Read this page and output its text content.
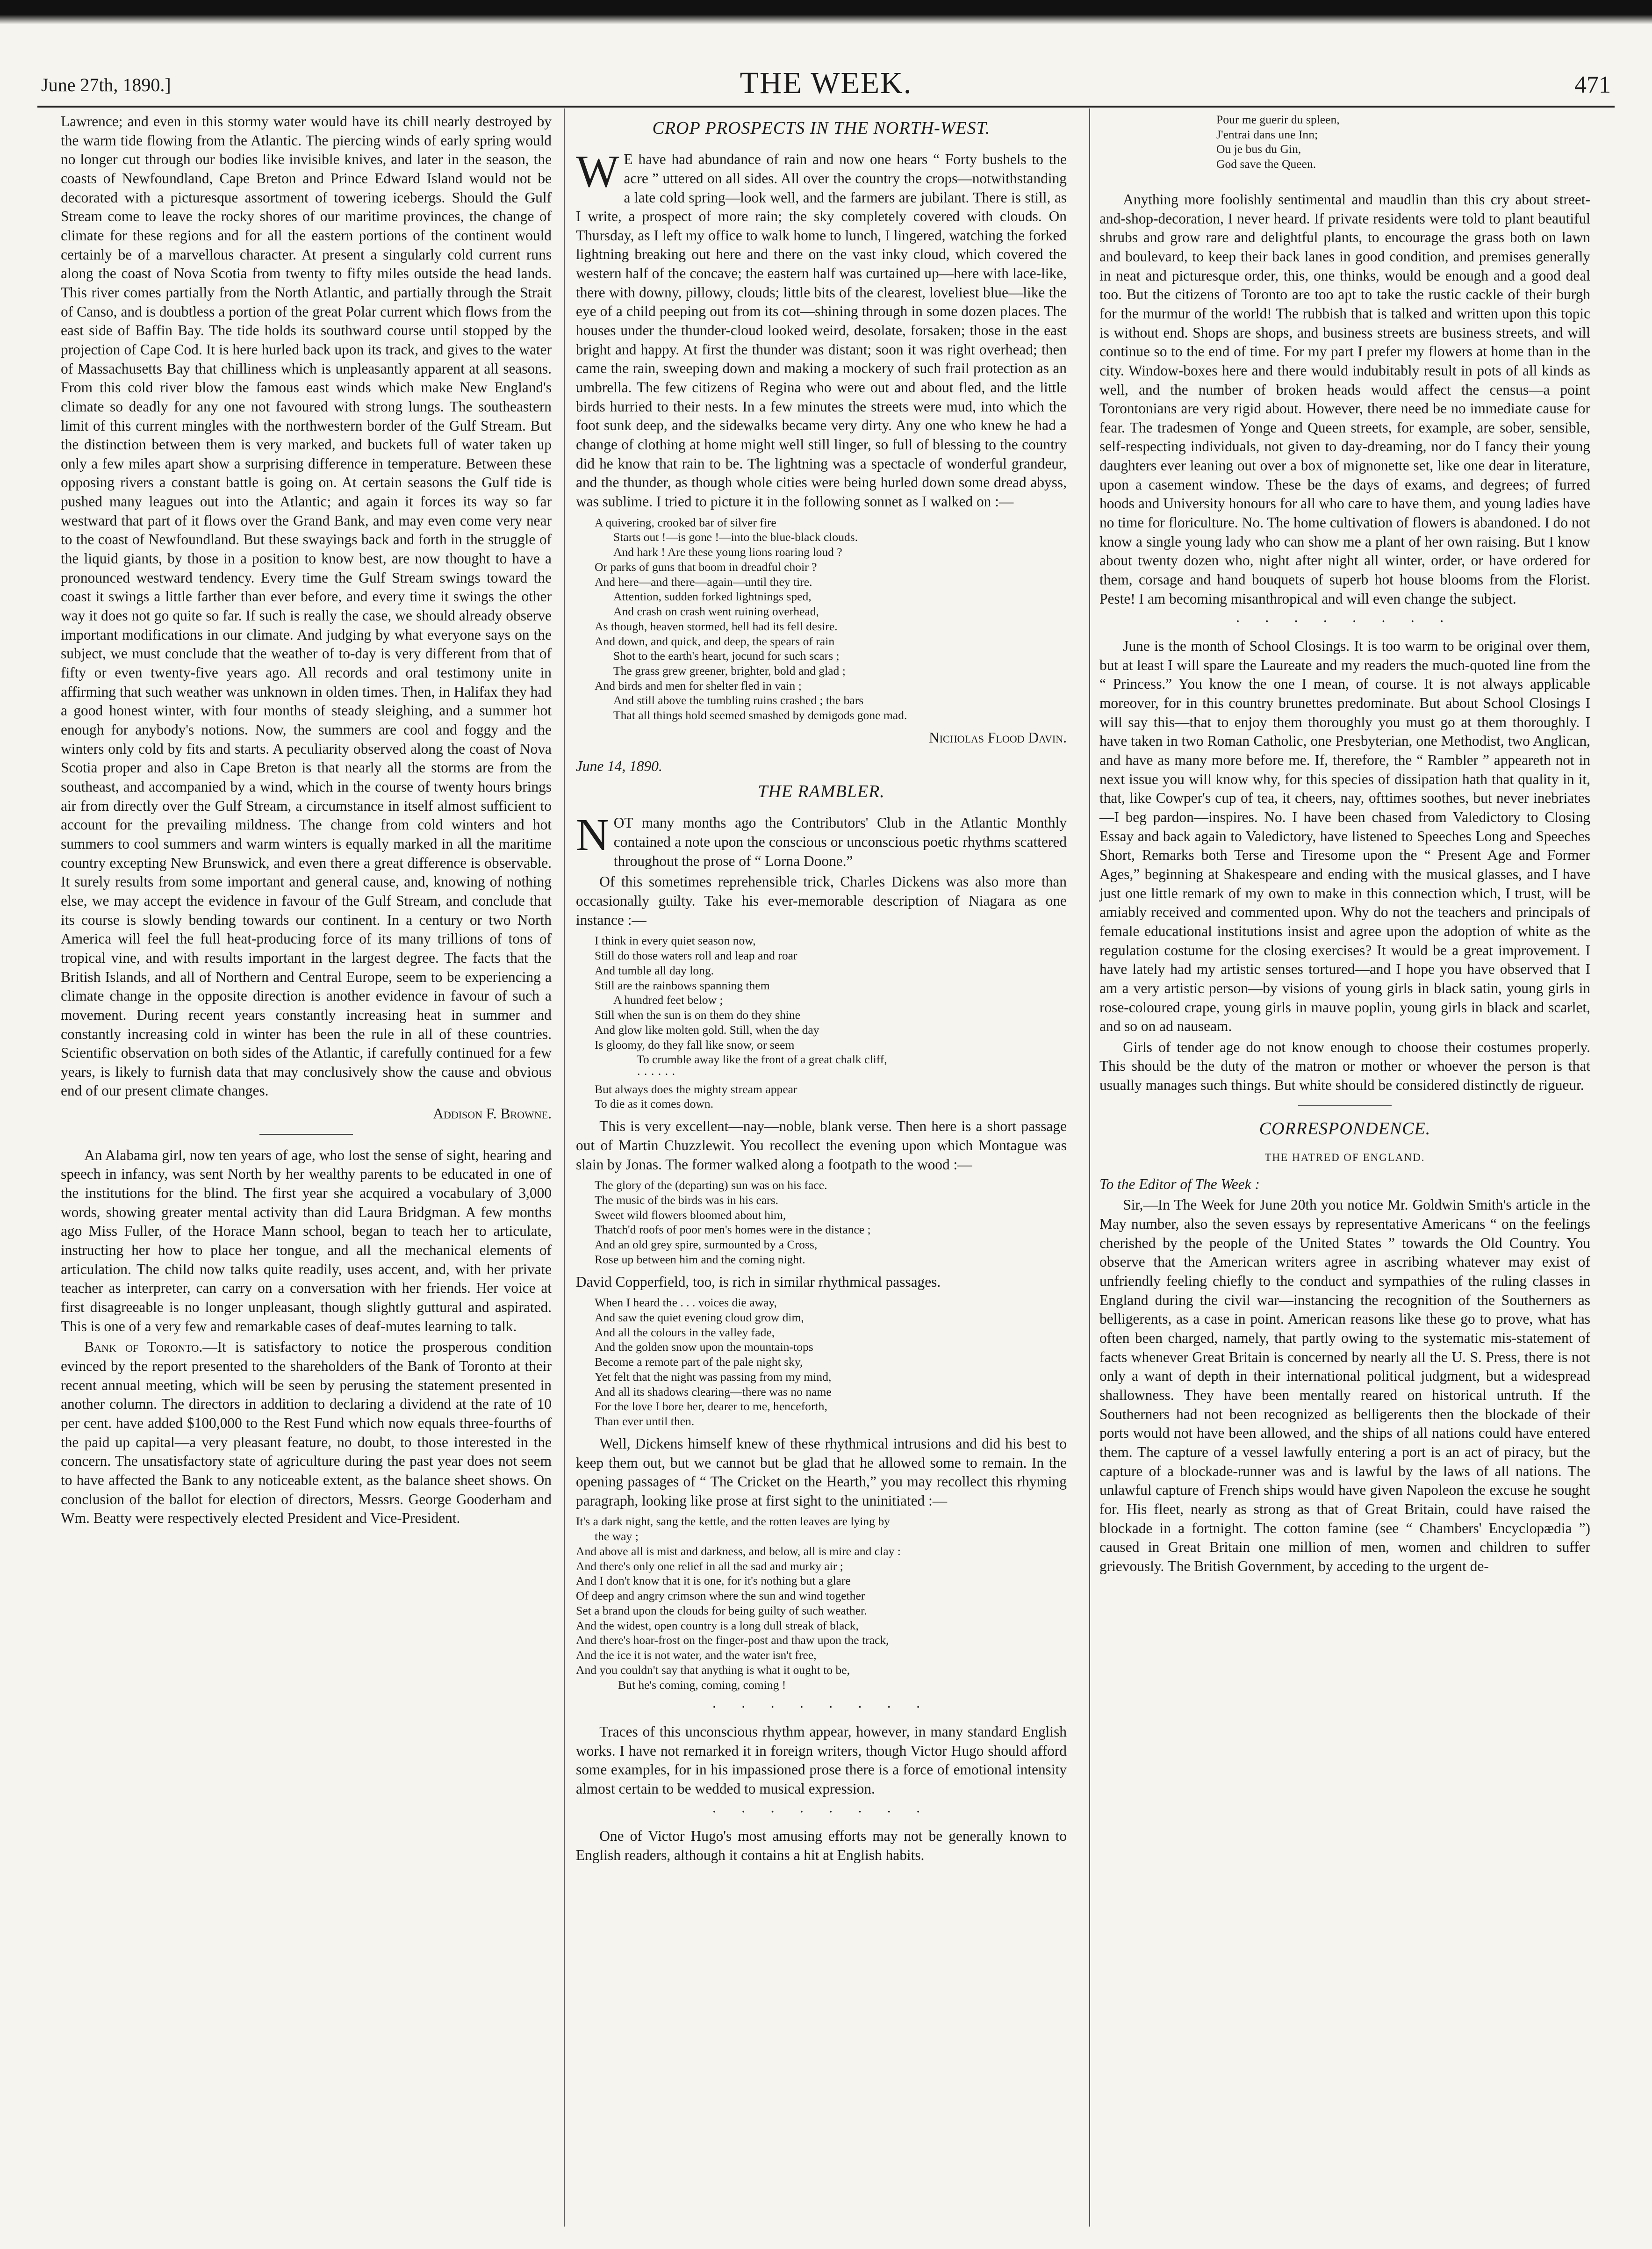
June 27th, 1890.]	THE WEEK.	471

Lawrence; and even in this stormy water would have its chill nearly destroyed by the warm tide flowing from the Atlantic. The piercing winds of early spring would no longer cut through our bodies like invisible knives, and later in the season, the coasts of Newfoundland, Cape Breton and Prince Edward Island would not be decorated with a picturesque assortment of towering icebergs. Should the Gulf Stream come to leave the rocky shores of our maritime provinces, the change of climate for these regions and for all the eastern portions of the continent would certainly be of a marvellous character. At present a singularly cold current runs along the coast of Nova Scotia from twenty to fifty miles outside the head lands. This river comes partially from the North Atlantic, and partially through the Strait of Canso, and is doubtless a portion of the great Polar current which flows from the east side of Baffin Bay. The tide holds its southward course until stopped by the projection of Cape Cod. It is here hurled back upon its track, and gives to the water of Massachusetts Bay that chilliness which is unpleasantly apparent at all seasons. From this cold river blow the famous east winds which make New England's climate so deadly for any one not favoured with strong lungs. The southeastern limit of this current mingles with the northwestern border of the Gulf Stream. But the distinction between them is very marked, and buckets full of water taken up only a few miles apart show a surprising difference in temperature. Between these opposing rivers a constant battle is going on. At certain seasons the Gulf tide is pushed many leagues out into the Atlantic; and again it forces its way so far westward that part of it flows over the Grand Bank, and may even come very near to the coast of Newfoundland. But these swayings back and forth in the struggle of the liquid giants, by those in a position to know best, are now thought to have a pronounced westward tendency. Every time the Gulf Stream swings toward the coast it swings a little farther than ever before, and every time it swings the other way it does not go quite so far. If such is really the case, we should already observe important modifications in our climate. And judging by what everyone says on the subject, we must conclude that the weather of to-day is very different from that of fifty or even twenty-five years ago. All records and oral testimony unite in affirming that such weather was unknown in olden times. Then, in Halifax they had a good honest winter, with four months of steady sleighing, and a summer hot enough for anybody's notions. Now, the summers are cool and foggy and the winters only cold by fits and starts. A peculiarity observed along the coast of Nova Scotia proper and also in Cape Breton is that nearly all the storms are from the southeast, and accompanied by a wind, which in the course of twenty hours brings air from directly over the Gulf Stream, a circumstance in itself almost sufficient to account for the prevailing mildness. The change from cold winters and hot summers to cool summers and warm winters is equally marked in all the maritime country excepting New Brunswick, and even there a great difference is observable. It surely results from some important and general cause, and, knowing of nothing else, we may accept the evidence in favour of the Gulf Stream, and conclude that its course is slowly bending towards our continent. In a century or two North America will feel the full heat-producing force of its many trillions of tons of tropical vine, and with results important in the largest degree. The facts that the British Islands, and all of Northern and Central Europe, seem to be experiencing a climate change in the opposite direction is another evidence in favour of such a movement. During recent years constantly increasing heat in summer and constantly increasing cold in winter has been the rule in all of these countries. Scientific observation on both sides of the Atlantic, if carefully continued for a few years, is likely to furnish data that may conclusively show the cause and obvious end of our present climate changes.

Addison F. Browne.

An Alabama girl, now ten years of age, who lost the sense of sight, hearing and speech in infancy, was sent North by her wealthy parents to be educated in one of the institutions for the blind. The first year she acquired a vocabulary of 3,000 words, showing greater mental activity than did Laura Bridgman. A few months ago Miss Fuller, of the Horace Mann school, began to teach her to articulate, instructing her how to place her tongue, and all the mechanical elements of articulation. The child now talks quite readily, uses accent, and, with her private teacher as interpreter, can carry on a conversation with her friends. Her voice at first disagreeable is no longer unpleasant, though slightly guttural and aspirated. This is one of a very few and remarkable cases of deaf-mutes learning to talk.

Bank of Toronto.—It is satisfactory to notice the prosperous condition evinced by the report presented to the shareholders of the Bank of Toronto at their recent annual meeting, which will be seen by perusing the statement presented in another column. The directors in addition to declaring a dividend at the rate of 10 per cent. have added $100,000 to the Rest Fund which now equals three-fourths of the paid up capital—a very pleasant feature, no doubt, to those interested in the concern. The unsatisfactory state of agriculture during the past year does not seem to have affected the Bank to any noticeable extent, as the balance sheet shows. On conclusion of the ballot for election of directors, Messrs. George Gooderham and Wm. Beatty were respectively elected President and Vice-President.

CROP PROSPECTS IN THE NORTH-WEST.

W E have had abundance of rain and now one hears “ Forty bushels to the acre ” uttered on all sides. All over the country the crops—notwithstanding a late cold spring—look well, and the farmers are jubilant. There is still, as I write, a prospect of more rain; the sky completely covered with clouds. On Thursday, as I left my office to walk home to lunch, I lingered, watching the forked lightning breaking out here and there on the vast inky cloud, which covered the western half of the concave; the eastern half was curtained up—here with lace-like, there with downy, pillowy, clouds; little bits of the clearest, loveliest blue—like the eye of a child peeping out from its cot—shining through in some dozen places. The houses under the thunder-cloud looked weird, desolate, forsaken; those in the east bright and happy. At first the thunder was distant; soon it was right overhead; then came the rain, sweeping down and making a mockery of such frail protection as an umbrella. The few citizens of Regina who were out and about fled, and the little birds hurried to their nests. In a few minutes the streets were mud, into which the foot sunk deep, and the sidewalks became very dirty. Any one who knew he had a change of clothing at home might well still linger, so full of blessing to the country did he know that rain to be. The lightning was a spectacle of wonderful grandeur, and the thunder, as though whole cities were being hurled down some dread abyss, was sublime. I tried to picture it in the following sonnet as I walked on :—

A quivering, crooked bar of silver fire
Starts out !—is gone !—into the blue-black clouds.
And hark ! Are these young lions roaring loud ?
Or parks of guns that boom in dreadful choir ?
And here—and there—again—until they tire.
Attention, sudden forked lightnings sped,
And crash on crash went ruining overhead,
As though, heaven stormed, hell had its fell desire.
And down, and quick, and deep, the spears of rain
Shot to the earth's heart, jocund for such scars ;
The grass grew greener, brighter, bold and glad ;
And birds and men for shelter fled in vain ;
And still above the tumbling ruins crashed ; the bars
That all things hold seemed smashed by demigods gone mad.
Nicholas Flood Davin.

June 14, 1890.

THE RAMBLER.

NOT many months ago the Contributors' Club in the Atlantic Monthly contained a note upon the conscious or unconscious poetic rhythms scattered throughout the prose of “ Lorna Doone.”

Of this sometimes reprehensible trick, Charles Dickens was also more than occasionally guilty. Take his ever-memorable description of Niagara as one instance :—

I think in every quiet season now,
Still do those waters roll and leap and roar
And tumble all day long.
Still are the rainbows spanning them
A hundred feet below ;
Still when the sun is on them do they shine
And glow like molten gold. Still, when the day
Is gloomy, do they fall like snow, or seem
To crumble away like the front of a great chalk cliff,
· · · · · ·
But always does the mighty stream appear
To die as it comes down.

This is very excellent—nay—noble, blank verse. Then here is a short passage out of Martin Chuzzlewit. You recollect the evening upon which Montague was slain by Jonas. The former walked along a footpath to the wood :—

The glory of the (departing) sun was on his face.
The music of the birds was in his ears.
Sweet wild flowers bloomed about him,
Thatch'd roofs of poor men's homes were in the distance ;
And an old grey spire, surmounted by a Cross,
Rose up between him and the coming night.

David Copperfield, too, is rich in similar rhythmical passages.

When I heard the . . . voices die away,
And saw the quiet evening cloud grow dim,
And all the colours in the valley fade,
And the golden snow upon the mountain-tops
Become a remote part of the pale night sky,
Yet felt that the night was passing from my mind,
And all its shadows clearing—there was no name
For the love I bore her, dearer to me, henceforth,
Than ever until then.

Well, Dickens himself knew of these rhythmical intrusions and did his best to keep them out, but we cannot but be glad that he allowed some to remain. In the opening passages of “ The Cricket on the Hearth,” you may recollect this rhyming paragraph, looking like prose at first sight to the uninitiated :—

It's a dark night, sang the kettle, and the rotten leaves are lying by
the way ;
And above all is mist and darkness, and below, all is mire and clay :
And there's only one relief in all the sad and murky air ;
And I don't know that it is one, for it's nothing but a glare
Of deep and angry crimson where the sun and wind together
Set a brand upon the clouds for being guilty of such weather.
And the widest, open country is a long dull streak of black,
And there's hoar-frost on the finger-post and thaw upon the track,
And the ice it is not water, and the water isn't free,
And you couldn't say that anything is what it ought to be,
But he's coming, coming, coming !
· · · · · · · ·

Traces of this unconscious rhythm appear, however, in many standard English works. I have not remarked it in foreign writers, though Victor Hugo should afford some examples, for in his impassioned prose there is a force of emotional intensity almost certain to be wedded to musical expression.

· · · · · · · ·

One of Victor Hugo's most amusing efforts may not be generally known to English readers, although it contains a hit at English habits.

Pour me guerir du spleen,
J'entrai dans une Inn;
Ou je bus du Gin,
God save the Queen.

Anything more foolishly sentimental and maudlin than this cry about street-and-shop-decoration, I never heard. If private residents were told to plant beautiful shrubs and grow rare and delightful plants, to encourage the grass both on lawn and boulevard, to keep their back lanes in good condition, and premises generally in neat and picturesque order, this, one thinks, would be enough and a good deal too. But the citizens of Toronto are too apt to take the rustic cackle of their burgh for the murmur of the world! The rubbish that is talked and written upon this topic is without end. Shops are shops, and business streets are business streets, and will continue so to the end of time. For my part I prefer my flowers at home than in the city. Window-boxes here and there would indubitably result in pots of all kinds as well, and the number of broken heads would affect the census—a point Torontonians are very rigid about. However, there need be no immediate cause for fear. The tradesmen of Yonge and Queen streets, for example, are sober, sensible, self-respecting individuals, not given to day-dreaming, nor do I fancy their young daughters ever leaning out over a box of mignonette set, like one dear in literature, upon a casement window. These be the days of exams, and degrees; of furred hoods and University honours for all who care to have them, and young ladies have no time for floriculture. No. The home cultivation of flowers is abandoned. I do not know a single young lady who can show me a plant of her own raising. But I know about twenty dozen who, night after night all winter, order, or have ordered for them, corsage and hand bouquets of superb hot house blooms from the Florist. Peste! I am becoming misanthropical and will even change the subject.

· · · · · · · ·

June is the month of School Closings. It is too warm to be original over them, but at least I will spare the Laureate and my readers the much-quoted line from the “ Princess.” You know the one I mean, of course. It is not always applicable moreover, for in this country brunettes predominate. But about School Closings I will say this—that to enjoy them thoroughly you must go at them thoroughly. I have taken in two Roman Catholic, one Presbyterian, one Methodist, two Anglican, and have as many more before me. If, therefore, the “ Rambler ” appeareth not in next issue you will know why, for this species of dissipation hath that quality in it, that, like Cowper's cup of tea, it cheers, nay, ofttimes soothes, but never inebriates—I beg pardon—inspires. No. I have been chased from Valedictory to Closing Essay and back again to Valedictory, have listened to Speeches Long and Speeches Short, Remarks both Terse and Tiresome upon the “ Present Age and Former Ages,” beginning at Shakespeare and ending with the musical glasses, and I have just one little remark of my own to make in this connection which, I trust, will be amiably received and commented upon. Why do not the teachers and principals of female educational institutions insist and agree upon the adoption of white as the regulation costume for the closing exercises? It would be a great improvement. I have lately had my artistic senses tortured—and I hope you have observed that I am a very artistic person—by visions of young girls in black satin, young girls in rose-coloured crape, young girls in mauve poplin, young girls in black and scarlet, and so on ad nauseam.

Girls of tender age do not know enough to choose their costumes properly. This should be the duty of the matron or mother or whoever the person is that usually manages such things. But white should be considered distinctly de rigueur.

CORRESPONDENCE.
THE HATRED OF ENGLAND.

To the Editor of The Week :

Sir,—In The Week for June 20th you notice Mr. Goldwin Smith's article in the May number, also the seven essays by representative Americans “ on the feelings cherished by the people of the United States ” towards the Old Country. You observe that the American writers agree in ascribing whatever may exist of unfriendly feeling chiefly to the conduct and sympathies of the ruling classes in England during the civil war—instancing the recognition of the Southerners as belligerents, as a case in point. American reasons like these go to prove, what has often been charged, namely, that partly owing to the systematic mis-statement of facts whenever Great Britain is concerned by nearly all the U. S. Press, there is not only a want of depth in their international political judgment, but a widespread shallowness. They have been mentally reared on historical untruth. If the Southerners had not been recognized as belligerents then the blockade of their ports would not have been allowed, and the ships of all nations could have entered them. The capture of a vessel lawfully entering a port is an act of piracy, but the capture of a blockade-runner was and is lawful by the laws of all nations. The unlawful capture of French ships would have given Napoleon the excuse he sought for. His fleet, nearly as strong as that of Great Britain, could have raised the blockade in a fortnight. The cotton famine (see “ Chambers' Encyclopædia ”) caused in Great Britain one million of men, women and children to suffer grievously. The British Government, by acceding to the urgent de-
